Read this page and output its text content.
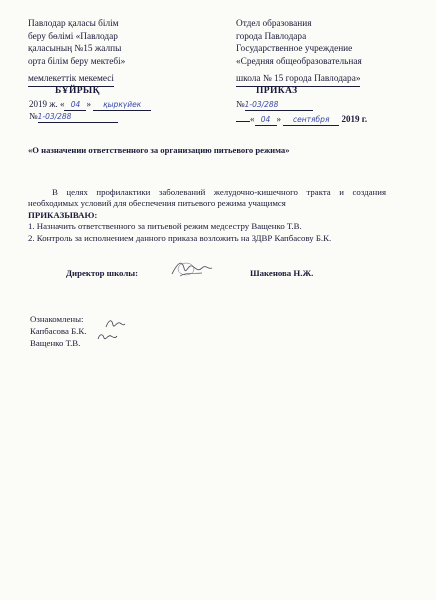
Павлодар қаласы білім
беру бөлімі «Павлодар
қаласының №15 жалпы
орта білім беру мектебі»
мемлекеттік мекемесі
Отдел образования
города Павлодара
Государственное учреждение
«Средняя общеобразовательная
школа № 15 города Павлодара»
БҰЙРЫҚ	ПРИКАЗ
2019 ж. « 04 » қыркүйек
№1-03/288
№1-03/288
« 04 » сентября 2019 г.
«О назначении ответственного за организацию питьевого режима»
В целях профилактики заболеваний желудочно-кишечного тракта и создания необходимых условий для обеспечения питьевого режима учащимся
ПРИКАЗЫВАЮ:
1. Назначить ответственного за питьевой режим медсестру Ващенко Т.В.
2. Контроль за исполнением данного приказа возложить на ЗДВР Капбасову Б.К.
Директор школы:	Шакенова Н.Ж.
Ознакомлены:
Капбасова Б.К.
Ващенко Т.В.
